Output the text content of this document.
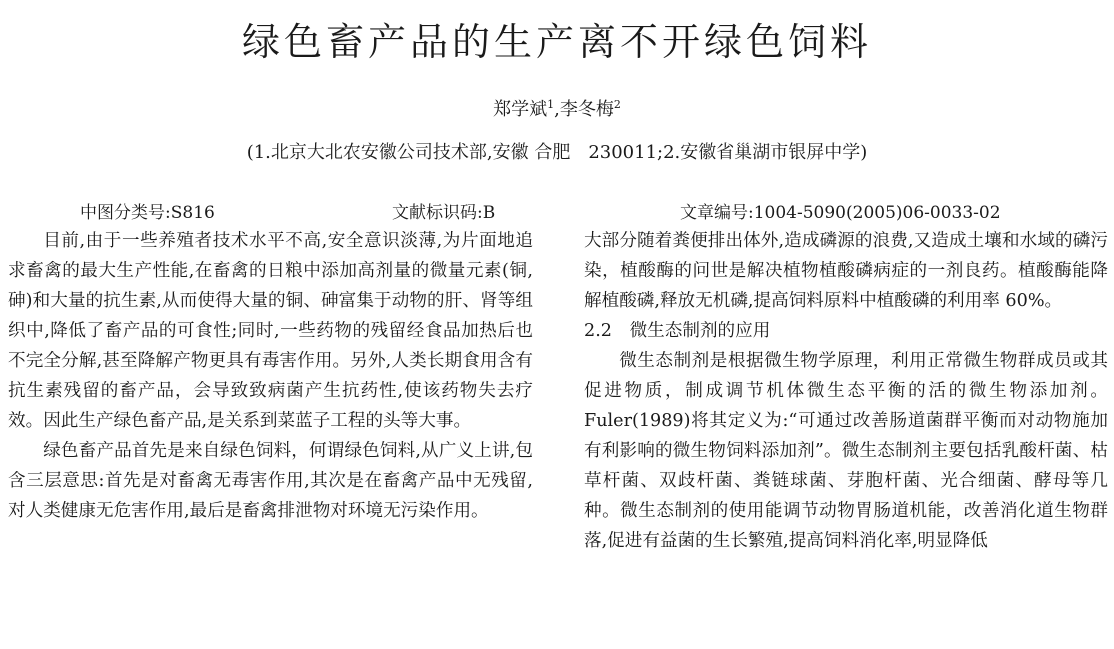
绿色畜产品的生产离不开绿色饲料
郑学斌$^1$,李冬梅$^2$
(1.北京大北农安徽公司技术部,安徽 合肥　230011;2.安徽省巢湖市银屏中学)
中图分类号:S816	文献标识码:B	文章编号:1004-5090(2005)06-0033-02

目前,由于一些养殖者技术水平不高,安全意识淡薄,为片面地追求畜禽的最大生产性能,在畜禽的日粮中添加高剂量的微量元素(铜,砷)和大量的抗生素,从而使得大量的铜、砷富集于动物的肝、肾等组织中,降低了畜产品的可食性;同时,一些药物的残留经食品加热后也不完全分解,甚至降解产物更具有毒害作用。另外,人类长期食用含有抗生素残留的畜产品，会导致致病菌产生抗药性,使该药物失去疗效。因此生产绿色畜产品,是关系到菜蓝子工程的头等大事。

绿色畜产品首先是来自绿色饲料，何谓绿色饲料,从广义上讲,包含三层意思:首先是对畜禽无毒害作用,其次是在畜禽产品中无残留,对人类健康无危害作用,最后是畜禽排泄物对环境无污染作用。

大部分随着粪便排出体外,造成磷源的浪费,又造成土壤和水域的磷污染，植酸酶的问世是解决植物植酸磷病症的一剂良药。植酸酶能降解植酸磷,释放无机磷,提高饲料原料中植酸磷的利用率 60%。

2.2　微生态制剂的应用

微生态制剂是根据微生物学原理，利用正常微生物群成员或其促进物质，制成调节机体微生态平衡的活的微生物添加剂。Fuler(1989)将其定义为:“可通过改善肠道菌群平衡而对动物施加有利影响的微生物饲料添加剂”。微生态制剂主要包括乳酸杆菌、枯草杆菌、双歧杆菌、粪链球菌、芽胞杆菌、光合细菌、酵母等几种。微生态制剂的使用能调节动物胃肠道机能，改善消化道生物群落,促进有益菌的生长繁殖,提高饲料消化率,明显降低
